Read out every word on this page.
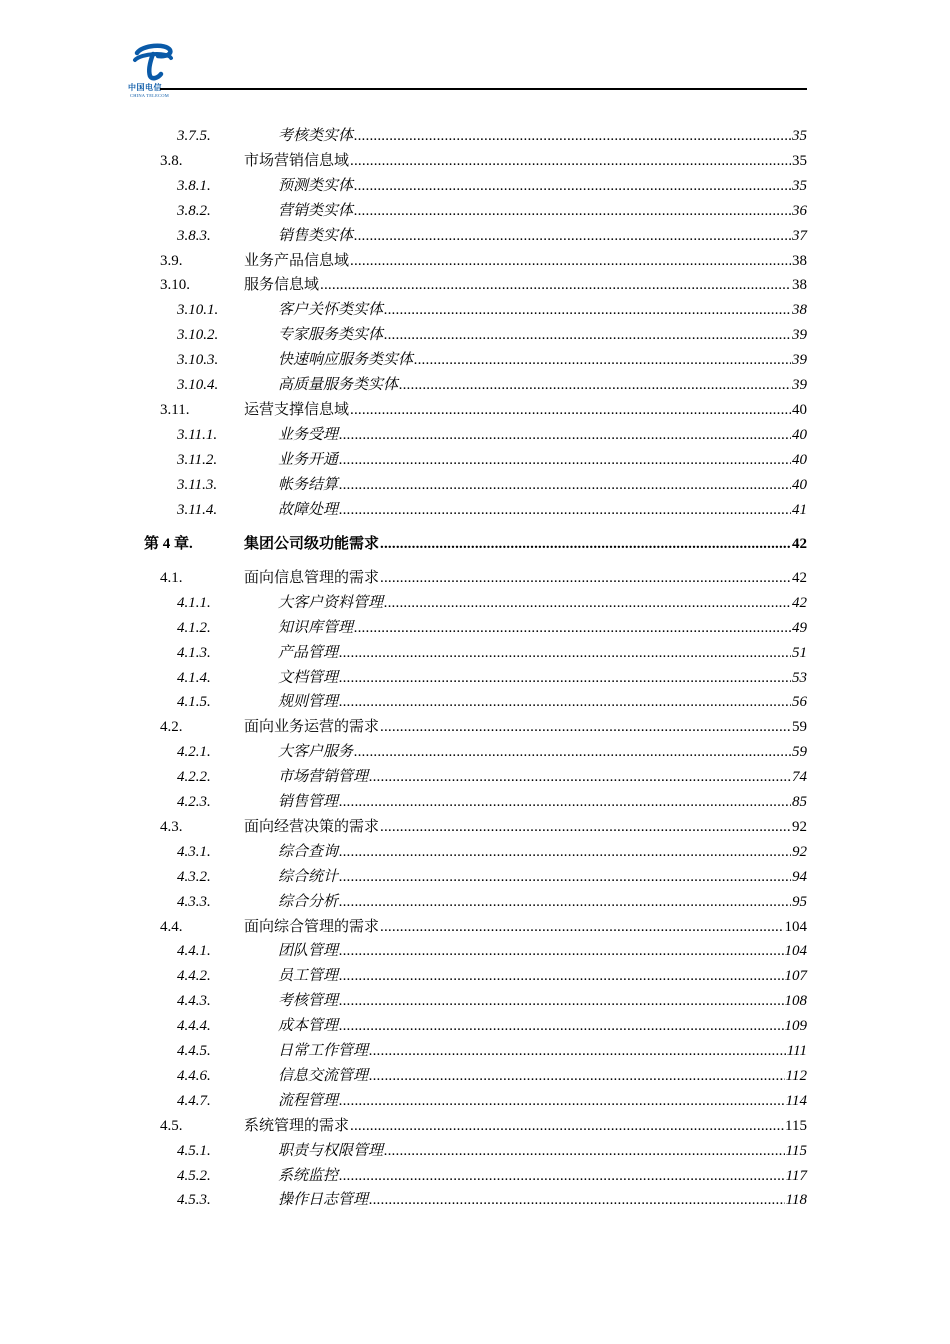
中国电信
CHINA TELECOM
3.7.5.	考核类实体 .....	35
3.8.	市场营销信息域 .....	35
3.8.1.	预测类实体 .....	35
3.8.2.	营销类实体 .....	36
3.8.3.	销售类实体 .....	37
3.9.	业务产品信息域 .....	38
3.10.	服务信息域 .....	38
3.10.1.	客户关怀类实体 .....	38
3.10.2.	专家服务类实体 .....	39
3.10.3.	快速响应服务类实体 .....	39
3.10.4.	高质量服务类实体 .....	39
3.11.	运营支撑信息域 .....	40
3.11.1.	业务受理 .....	40
3.11.2.	业务开通 .....	40
3.11.3.	帐务结算 .....	40
3.11.4.	故障处理 .....	41
第 4 章.	集团公司级功能需求 .....	42
4.1.	面向信息管理的需求 .....	42
4.1.1.	大客户资料管理 .....	42
4.1.2.	知识库管理 .....	49
4.1.3.	产品管理 .....	51
4.1.4.	文档管理 .....	53
4.1.5.	规则管理 .....	56
4.2.	面向业务运营的需求 .....	59
4.2.1.	大客户服务 .....	59
4.2.2.	市场营销管理 .....	74
4.2.3.	销售管理 .....	85
4.3.	面向经营决策的需求 .....	92
4.3.1.	综合查询 .....	92
4.3.2.	综合统计 .....	94
4.3.3.	综合分析 .....	95
4.4.	面向综合管理的需求 .....	104
4.4.1.	团队管理 .....	104
4.4.2.	员工管理 .....	107
4.4.3.	考核管理 .....	108
4.4.4.	成本管理 .....	109
4.4.5.	日常工作管理 .....	111
4.4.6.	信息交流管理 .....	112
4.4.7.	流程管理 .....	114
4.5.	系统管理的需求 .....	115
4.5.1.	职责与权限管理 .....	115
4.5.2.	系统监控 .....	117
4.5.3.	操作日志管理 .....	118
